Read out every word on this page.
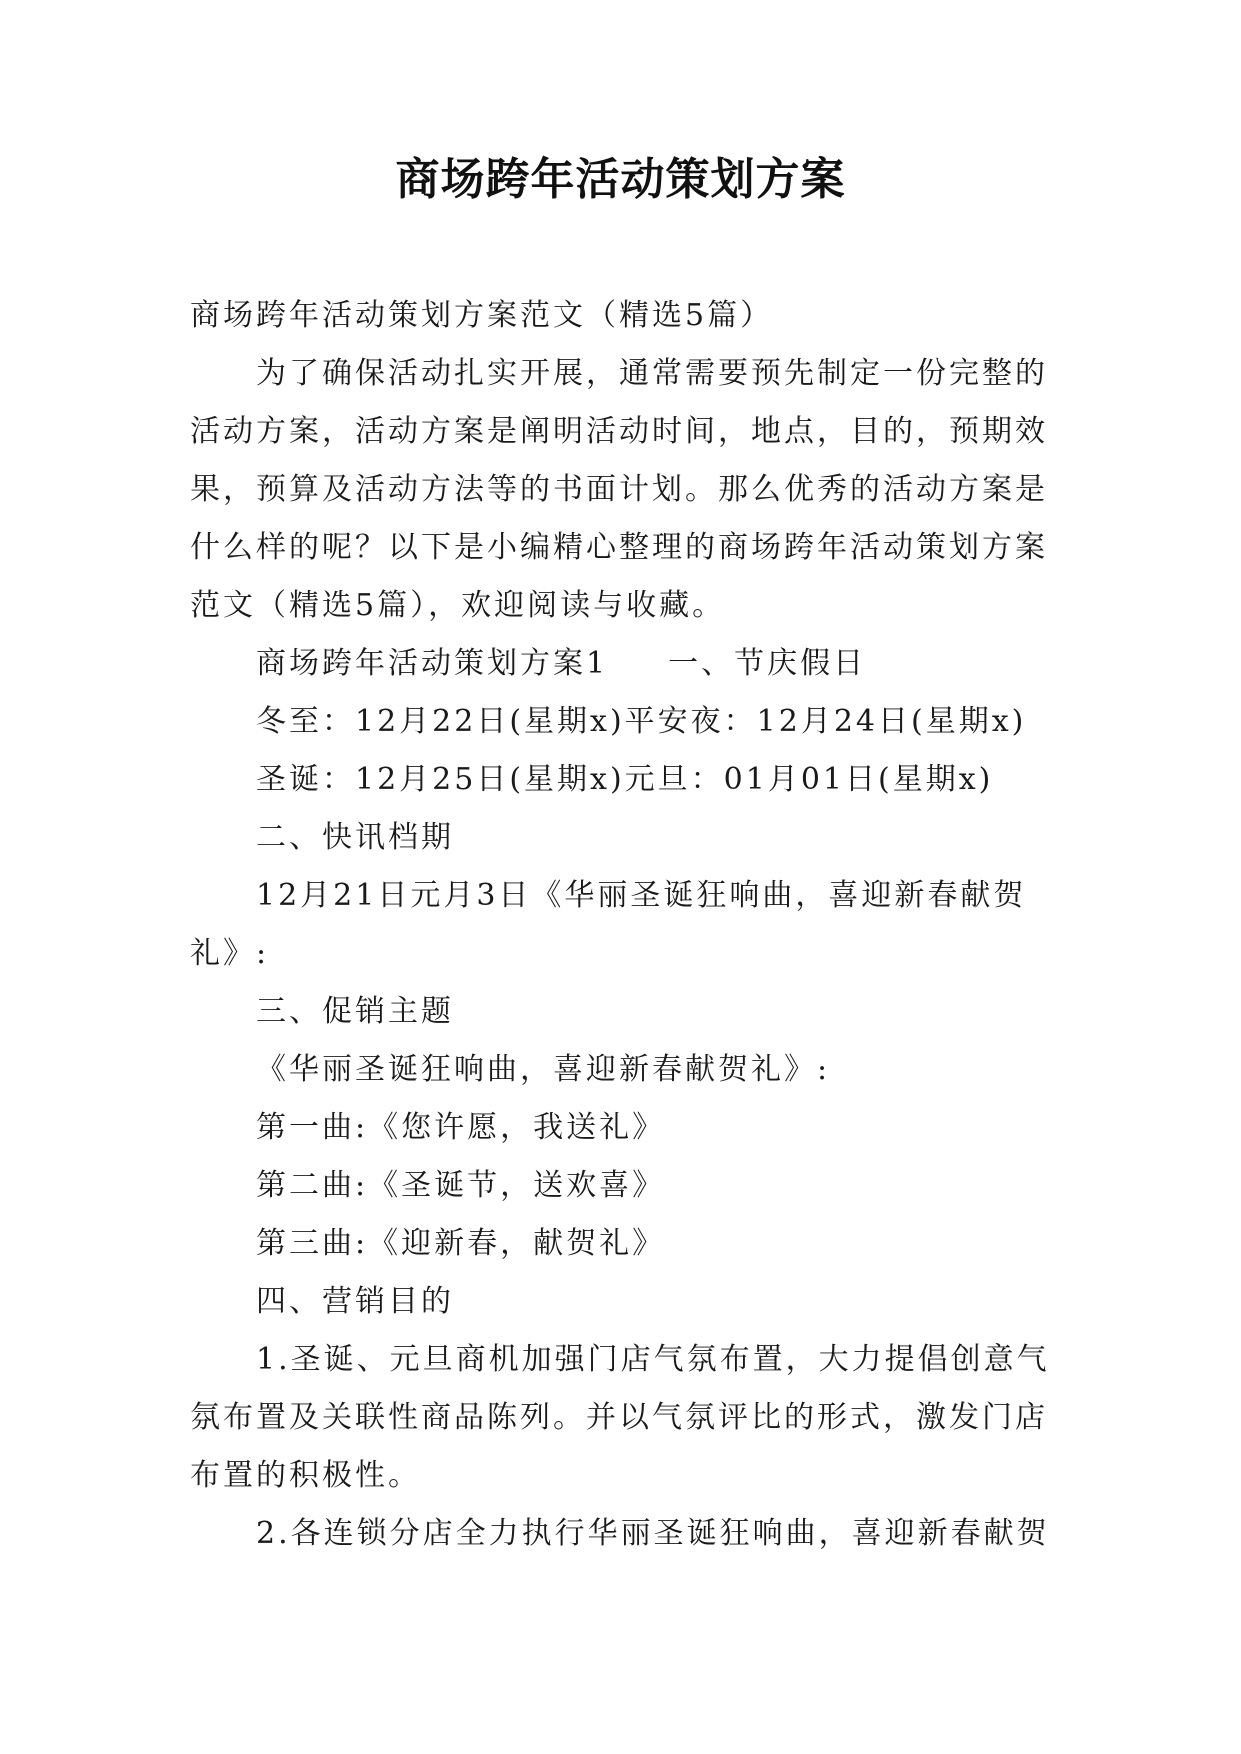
商场跨年活动策划方案

商场跨年活动策划方案范文（精选5篇）

为了确保活动扎实开展，通常需要预先制定一份完整的活动方案，活动方案是阐明活动时间，地点，目的，预期效果，预算及活动方法等的书面计划。那么优秀的活动方案是什么样的呢？以下是小编精心整理的商场跨年活动策划方案范文（精选5篇），欢迎阅读与收藏。

商场跨年活动策划方案1 一、节庆假日

冬至：12月22日(星期x)平安夜：12月24日(星期x)

圣诞：12月25日(星期x)元旦：01月01日(星期x)

二、快讯档期

12月21日元月3日《华丽圣诞狂响曲，喜迎新春献贺礼》:

三、促销主题

《华丽圣诞狂响曲，喜迎新春献贺礼》:

第一曲:《您许愿，我送礼》

第二曲:《圣诞节，送欢喜》

第三曲:《迎新春，献贺礼》

四、营销目的

1.圣诞、元旦商机加强门店气氛布置，大力提倡创意气氛布置及关联性商品陈列。并以气氛评比的形式，激发门店布置的积极性。

2.各连锁分店全力执行华丽圣诞狂响曲，喜迎新春献贺
